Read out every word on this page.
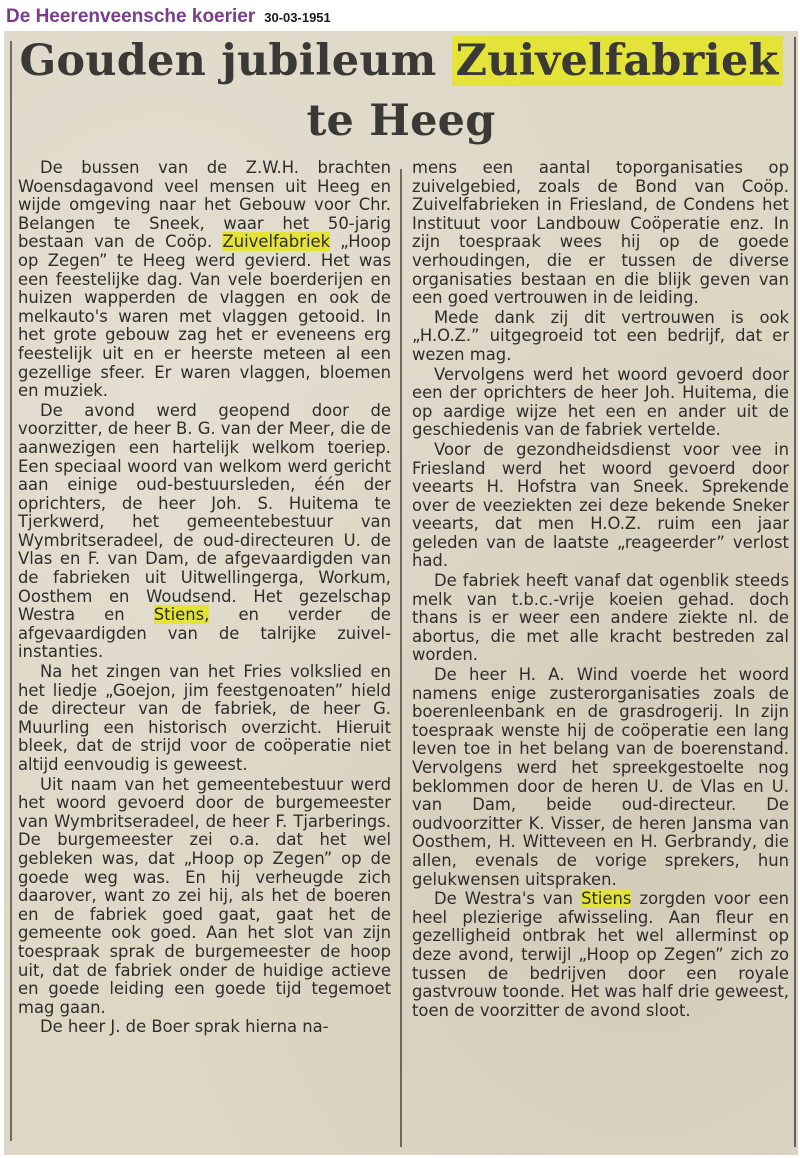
De Heerenveensche koerier 30-03-1951
Gouden jubileum Zuivelfabriek
te Heeg

De bussen van de Z.W.H. brachten Woensdagavond veel mensen uit Heeg en wijde omgeving naar het Gebouw voor Chr. Belangen te Sneek, waar het 50-jarig bestaan van de Coöp. Zuivelfabriek „Hoop op Zegen” te Heeg werd gevierd. Het was een feestelijke dag. Van vele boerderijen en huizen wapperden de vlaggen en ook de melkauto's waren met vlaggen getooid. In het grote gebouw zag het er eveneens erg feestelijk uit en er heerste meteen al een gezellige sfeer. Er waren vlaggen, bloemen en muziek.

De avond werd geopend door de voorzitter, de heer B. G. van der Meer, die de aanwezigen een hartelijk welkom toeriep. Een speciaal woord van welkom werd gericht aan einige oud-bestuursleden, één der oprichters, de heer Joh. S. Huitema te Tjerkwerd, het gemeentebestuur van Wymbritseradeel, de oud-directeuren U. de Vlas en F. van Dam, de afgevaardigden van de fabrieken uit Uitwellingerga, Workum, Oosthem en Woudsend. Het gezelschap Westra en Stiens, en verder de afgevaardigden van de talrijke zuivel-instanties.

Na het zingen van het Fries volkslied en het liedje „Goejon, jim feestgenoaten” hield de directeur van de fabriek, de heer G. Muurling een historisch overzicht. Hieruit bleek, dat de strijd voor de coöperatie niet altijd eenvoudig is geweest.

Uit naam van het gemeentebestuur werd het woord gevoerd door de burgemeester van Wymbritseradeel, de heer F. Tjarberings. De burgemeester zei o.a. dat het wel gebleken was, dat „Hoop op Zegen” op de goede weg was. En hij verheugde zich daarover, want zo zei hij, als het de boeren en de fabriek goed gaat, gaat het de gemeente ook goed. Aan het slot van zijn toespraak sprak de burgemeester de hoop uit, dat de fabriek onder de huidige actieve en goede leiding een goede tijd tegemoet mag gaan.

De heer J. de Boer sprak hierna na-

mens een aantal toporganisaties op zuivelgebied, zoals de Bond van Coöp. Zuivelfabrieken in Friesland, de Condens het Instituut voor Landbouw Coöperatie enz. In zijn toespraak wees hij op de goede verhoudingen, die er tussen de diverse organisaties bestaan en die blijk geven van een goed vertrouwen in de leiding.

Mede dank zij dit vertrouwen is ook „H.O.Z.” uitgegroeid tot een bedrijf, dat er wezen mag.

Vervolgens werd het woord gevoerd door een der oprichters de heer Joh. Huitema, die op aardige wijze het een en ander uit de geschiedenis van de fabriek vertelde.

Voor de gezondheidsdienst voor vee in Friesland werd het woord gevoerd door veearts H. Hofstra van Sneek. Sprekende over de veeziekten zei deze bekende Sneker veearts, dat men H.O.Z. ruim een jaar geleden van de laatste „reageerder” verlost had.

De fabriek heeft vanaf dat ogenblik steeds melk van t.b.c.-vrije koeien gehad. doch thans is er weer een andere ziekte nl. de abortus, die met alle kracht bestreden zal worden.

De heer H. A. Wind voerde het woord namens enige zusterorganisaties zoals de boerenleenbank en de grasdrogerij. In zijn toespraak wenste hij de coöperatie een lang leven toe in het belang van de boerenstand. Vervolgens werd het spreekgestoelte nog beklommen door de heren U. de Vlas en U. van Dam, beide oud-directeur. De oudvoorzitter K. Visser, de heren Jansma van Oosthem, H. Witteveen en H. Gerbrandy, die allen, evenals de vorige sprekers, hun gelukwensen uitspraken.

De Westra's van Stiens zorgden voor een heel plezierige afwisseling. Aan fleur en gezelligheid ontbrak het wel allerminst op deze avond, terwijl „Hoop op Zegen” zich zo tussen de bedrijven door een royale gastvrouw toonde. Het was half drie geweest, toen de voorzitter de avond sloot.
